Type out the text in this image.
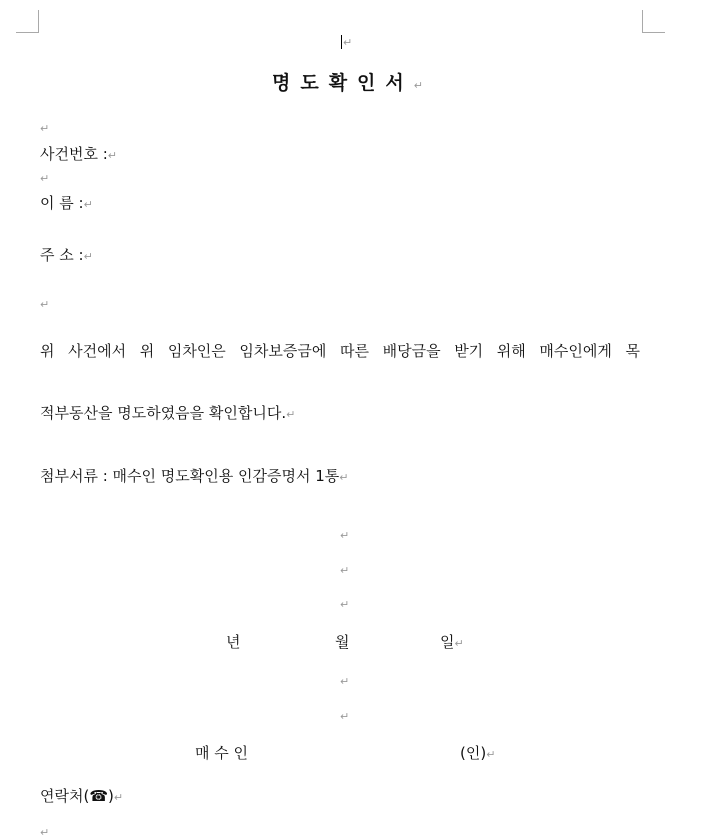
↵
명도확인서↵
↵
사건번호 :↵
↵
이 름 :↵
주 소 :↵
↵
위 사건에서 위 임차인은 임차보증금에 따른 배당금을 받기 위해 매수인에게 목
적부동산을 명도하였음을 확인합니다.↵
첨부서류 : 매수인 명도확인용 인감증명서 1통↵
↵
↵
↵
년	월	일↵
↵
↵
매 수 인	(인)↵
연락처(☎)↵
↵
